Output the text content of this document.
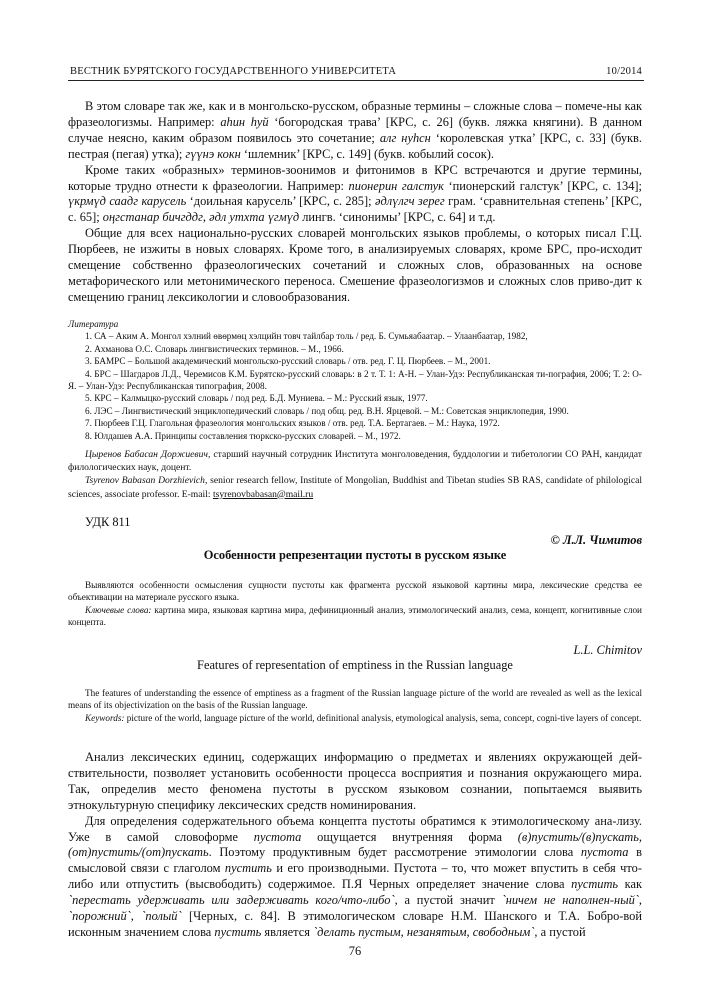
ВЕСТНИК БУРЯТСКОГО ГОСУДАРСТВЕННОГО УНИВЕРСИТЕТА	10/2014

В этом словаре так же, как и в монгольско-русском, образные термины – сложные слова – помече-ны как фразеологизмы. Например: аһин һуй ‘богородская трава’ [КРС, с. 26] (букв. ляжка княгини). В данном случае неясно, каким образом появилось это сочетание; алг нуһсн ‘королевская утка’ [КРС, с. 33] (букв. пестрая (пегая) утка); гүүнэ кокн ‘шлемник’ [КРС, с. 149] (букв. кобылий сосок).

Кроме таких «образных» терминов-зоонимов и фитонимов в КРС встречаются и другие термины, которые трудно отнести к фразеологии. Например: пионерин галстук ‘пионерский галстук’ [КРС, с. 134]; үкрмүд саадг карусель ‘доильная карусель’ [КРС, с. 285]; әдлүлгч зерег грам. ‘сравнительная степень’ [КРС, с. 65]; оңгстанар бичгддг, әдл утхта үгмүд лингв. ‘синонимы’ [КРС, с. 64] и т.д.

Общие для всех национально-русских словарей монгольских языков проблемы, о которых писал Г.Ц. Пюрбеев, не изжиты в новых словарях. Кроме того, в анализируемых словарях, кроме БРС, про-исходит смещение собственно фразеологических сочетаний и сложных слов, образованных на основе метафорического или метонимического переноса. Смешение фразеологизмов и сложных слов приво-дит к смещению границ лексикологии и словообразования.

Литература

1. СА – Аким А. Монгол хэлний өвөрмөц хэлцийн товч тайлбар толь / ред. Б. Сумьяабаатар. – Улаанбаатар, 1982,

2. Ахманова О.С. Словарь лингвистических терминов. – М., 1966.

3. БАМРС – Большой академический монгольско-русский словарь / отв. ред. Г. Ц. Пюрбеев. – М., 2001.

4. БРС – Шагдаров Л.Д., Черемисов К.М. Бурятско-русский словарь: в 2 т. Т. 1: А-Н. – Улан-Удэ: Республиканская ти-пография, 2006; Т. 2: О-Я. – Улан-Удэ: Республиканская типография, 2008.

5. КРС – Калмыцко-русский словарь / под ред. Б.Д. Муниева. – М.: Русский язык, 1977.

6. ЛЭС – Лингвистический энциклопедический словарь / под общ. ред. В.Н. Ярцевой. – М.: Советская энциклопедия, 1990.

7. Пюрбеев Г.Ц. Глагольная фразеология монгольских языков / отв. ред. Т.А. Бертагаев. – М.: Наука, 1972.

8. Юлдашев А.А. Принципы составления тюркско-русских словарей. – М., 1972.

Цыренов Бабасан Доржиевич, старший научный сотрудник Института монголоведения, буддологии и тибетологии СО РАН, кандидат филологических наук, доцент.

Tsyrenov Babasan Dorzhievich, senior research fellow, Institute of Mongolian, Buddhist and Tibetan studies SB RAS, candidate of philological sciences, associate professor. E-mail: tsyrenovbabasan@mail.ru

УДК 811
© Л.Л. Чимитов
Особенности репрезентации пустоты в русском языке

Выявляются особенности осмысления сущности пустоты как фрагмента русской языковой картины мира, лексические средства ее объективации на материале русского языка.

Ключевые слова: картина мира, языковая картина мира, дефиниционный анализ, этимологический анализ, сема, концепт, когнитивные слои концепта.

L.L. Chimitov
Features of representation of emptiness in the Russian language

The features of understanding the essence of emptiness as a fragment of the Russian language picture of the world are revealed as well as the lexical means of its objectivization on the basis of the Russian language.

Keywords: picture of the world, language picture of the world, definitional analysis, etymological analysis, sema, concept, cogni-tive layers of concept.

Анализ лексических единиц, содержащих информацию о предметах и явлениях окружающей дей-ствительности, позволяет установить особенности процесса восприятия и познания окружающего мира. Так, определив место феномена пустоты в русском языковом сознании, попытаемся выявить этнокультурную специфику лексических средств номинирования.

Для определения содержательного объема концепта пустоты обратимся к этимологическому ана-лизу. Уже в самой словоформе пустота ощущается внутренняя форма (в)пустить/(в)пускать, (от)пустить/(от)пускать. Поэтому продуктивным будет рассмотрение этимологии слова пустота в смысловой связи с глаголом пустить и его производными. Пустота – то, что может впустить в себя что-либо или отпустить (высвободить) содержимое. П.Я Черных определяет значение слова пустить как `перестать удерживать или задерживать кого/что-либо`, а пустой значит `ничем не наполнен-ный`, `порожний`, `полый` [Черных, с. 84]. В этимологическом словаре Н.М. Шанского и Т.А. Бобро-вой исконным значением слова пустить является `делать пустым, незанятым, свободным`, а пустой

76
